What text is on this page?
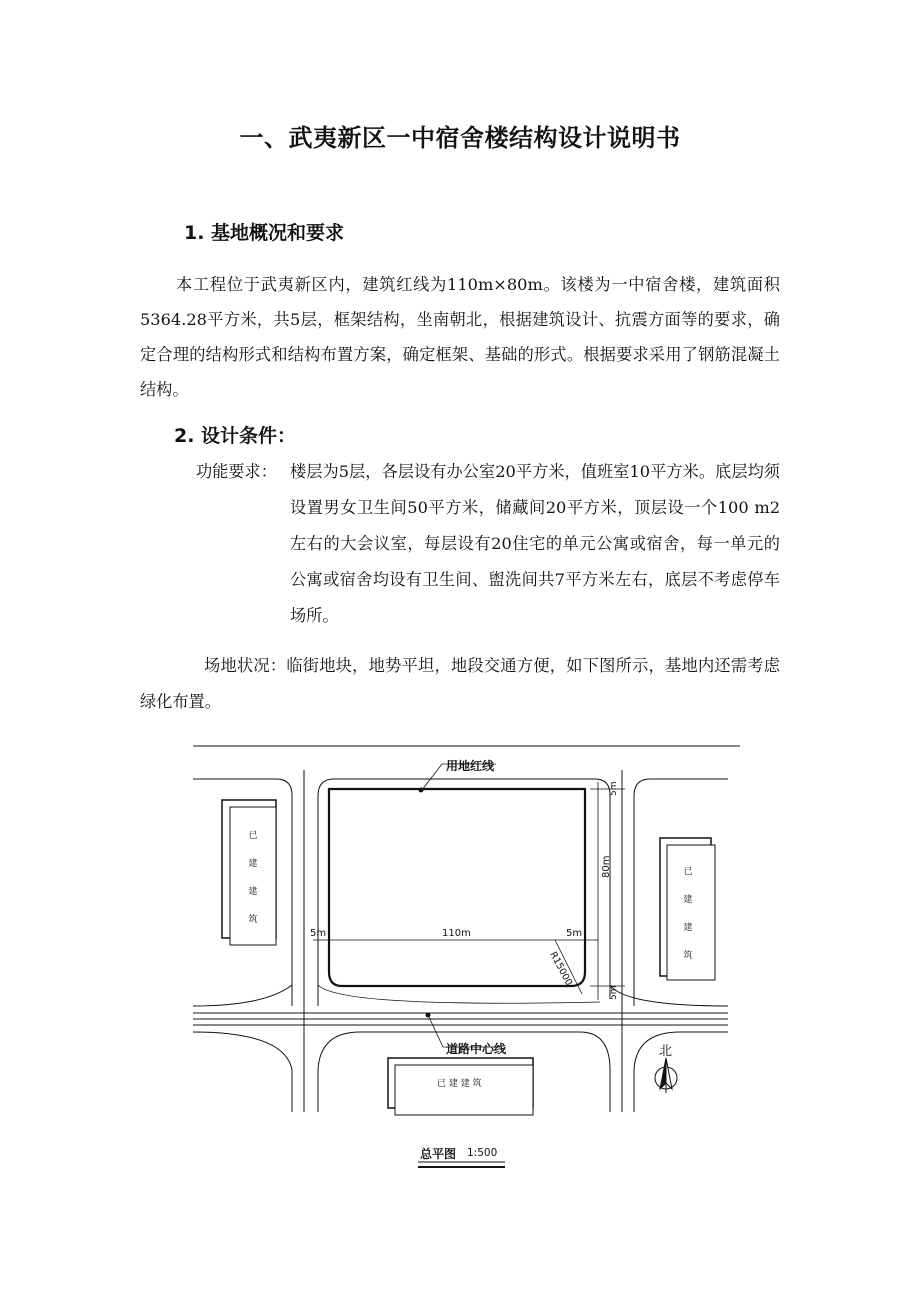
一、武夷新区一中宿舍楼结构设计说明书
1. 基地概况和要求
本工程位于武夷新区内，建筑红线为110m×80m。该楼为一中宿舍楼，建筑面积5364.28平方米，共5层，框架结构，坐南朝北，根据建筑设计、抗震方面等的要求，确定合理的结构形式和结构布置方案，确定框架、基础的形式。根据要求采用了钢筋混凝土结构。
2. 设计条件：
功能要求： 楼层为5层，各层设有办公室20平方米，值班室10平方米。底层均须设置男女卫生间50平方米，储藏间20平方米，顶层设一个100 m2左右的大会议室，每层设有20住宅的单元公寓或宿舍，每一单元的公寓或宿舍均设有卫生间、盥洗间共7平方米左右，底层不考虑停车场所。
场地状况：临街地块，地势平坦，地段交通方便，如下图所示，基地内还需考虑绿化布置。
用地红线
道路中心线
110m
5m	5m
80m
5m
5m
R15000
已
建
建
筑
已
建
建
筑
已 建 建 筑
北
总平图 1:500
